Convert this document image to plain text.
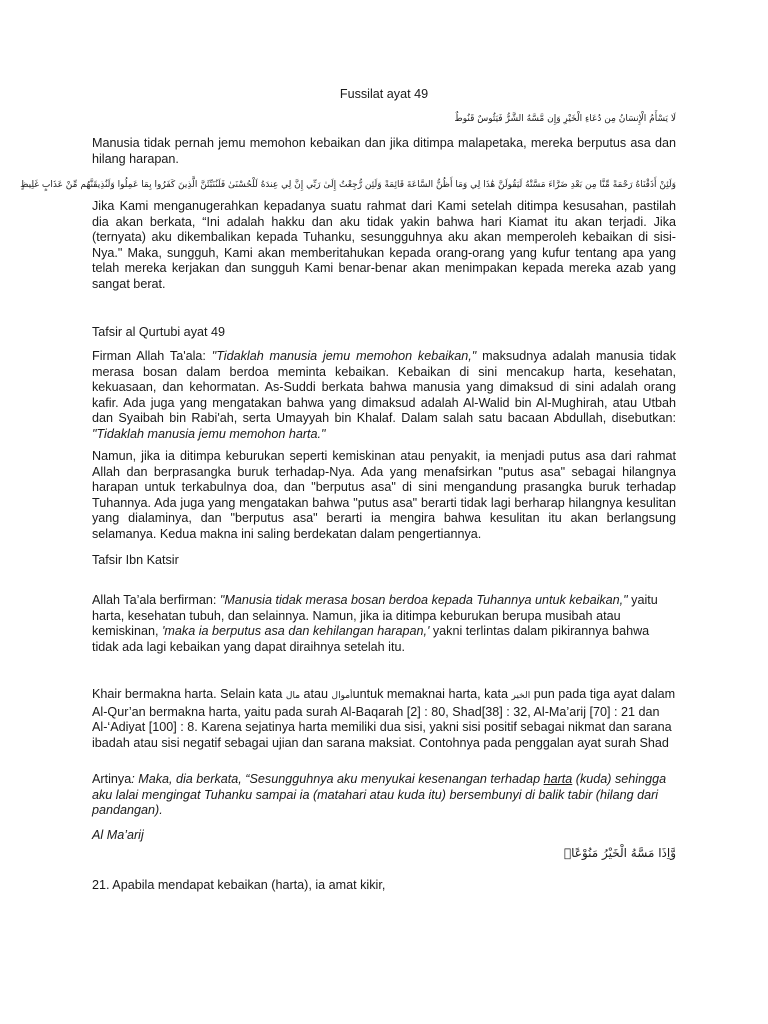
Fussilat ayat 49

لَا يَسْأَمُ الْإِنسَانُ مِن دُعَاءِ الْخَيْرِ وَإِن مَّسَّهُ الشَّرُّ فَيَئُوسٌ قَنُوطٌ

Manusia tidak pernah jemu memohon kebaikan dan jika ditimpa malapetaka, mereka berputus asa dan hilang harapan.

وَلَئِنْ أَذَقْنَاهُ رَحْمَةً مِّنَّا مِن بَعْدِ ضَرَّاءَ مَسَّتْهُ لَيَقُولَنَّ هَٰذَا لِي وَمَا أَظُنُّ السَّاعَةَ قَائِمَةً وَلَئِن رُّجِعْتُ إِلَىٰ رَبِّي إِنَّ لِي عِندَهُ لَلْحُسْنَىٰ فَلَنُنَبِّئَنَّ الَّذِينَ كَفَرُوا بِمَا عَمِلُوا وَلَنُذِيقَنَّهُم مِّنْ عَذَابٍ غَلِيظٍ

Jika Kami menganugerahkan kepadanya suatu rahmat dari Kami setelah ditimpa kesusahan, pastilah dia akan berkata, “Ini adalah hakku dan aku tidak yakin bahwa hari Kiamat itu akan terjadi. Jika (ternyata) aku dikembalikan kepada Tuhanku, sesungguhnya aku akan memperoleh kebaikan di sisi-Nya." Maka, sungguh, Kami akan memberitahukan kepada orang-orang yang kufur tentang apa yang telah mereka kerjakan dan sungguh Kami benar-benar akan menimpakan kepada mereka azab yang sangat berat.

Tafsir al Qurtubi ayat 49

Firman Allah Ta'ala: "Tidaklah manusia jemu memohon kebaikan," maksudnya adalah manusia tidak merasa bosan dalam berdoa meminta kebaikan. Kebaikan di sini mencakup harta, kesehatan, kekuasaan, dan kehormatan. As-Suddi berkata bahwa manusia yang dimaksud di sini adalah orang kafir. Ada juga yang mengatakan bahwa yang dimaksud adalah Al-Walid bin Al-Mughirah, atau Utbah dan Syaibah bin Rabi'ah, serta Umayyah bin Khalaf. Dalam salah satu bacaan Abdullah, disebutkan: "Tidaklah manusia jemu memohon harta."

Namun, jika ia ditimpa keburukan seperti kemiskinan atau penyakit, ia menjadi putus asa dari rahmat Allah dan berprasangka buruk terhadap-Nya. Ada yang menafsirkan "putus asa" sebagai hilangnya harapan untuk terkabulnya doa, dan "berputus asa" di sini mengandung prasangka buruk terhadap Tuhannya. Ada juga yang mengatakan bahwa "putus asa" berarti tidak lagi berharap hilangnya kesulitan yang dialaminya, dan "berputus asa" berarti ia mengira bahwa kesulitan itu akan berlangsung selamanya. Kedua makna ini saling berdekatan dalam pengertiannya.

Tafsir Ibn Katsir

Allah Ta’ala berfirman: "Manusia tidak merasa bosan berdoa kepada Tuhannya untuk kebaikan," yaitu harta, kesehatan tubuh, dan selainnya. Namun, jika ia ditimpa keburukan berupa musibah atau kemiskinan, 'maka ia berputus asa dan kehilangan harapan,' yakni terlintas dalam pikirannya bahwa tidak ada lagi kebaikan yang dapat diraihnya setelah itu.

Khair bermakna harta. Selain kata مال atau أموالuntuk memaknai harta, kata الخير pun pada tiga ayat dalam Al-Qur’an bermakna harta, yaitu pada surah Al-Baqarah [2] : 80, Shad[38] : 32, Al-Ma’arij [70] : 21 dan Al-‘Adiyat [100] : 8. Karena sejatinya harta memiliki dua sisi, yakni sisi positif sebagai nikmat dan sarana ibadah atau sisi negatif sebagai ujian dan sarana maksiat. Contohnya pada penggalan ayat surah Shad

Artinya: Maka, dia berkata, “Sesungguhnya aku menyukai kesenangan terhadap harta (kuda) sehingga aku lalai mengingat Tuhanku sampai ia (matahari atau kuda itu) bersembunyi di balik tabir (hilang dari pandangan).

Al Ma’arij

وَّاِذَا مَسَّهُ الْخَيْرُ مَنُوْعًاۙ

21. Apabila mendapat kebaikan (harta), ia amat kikir,
